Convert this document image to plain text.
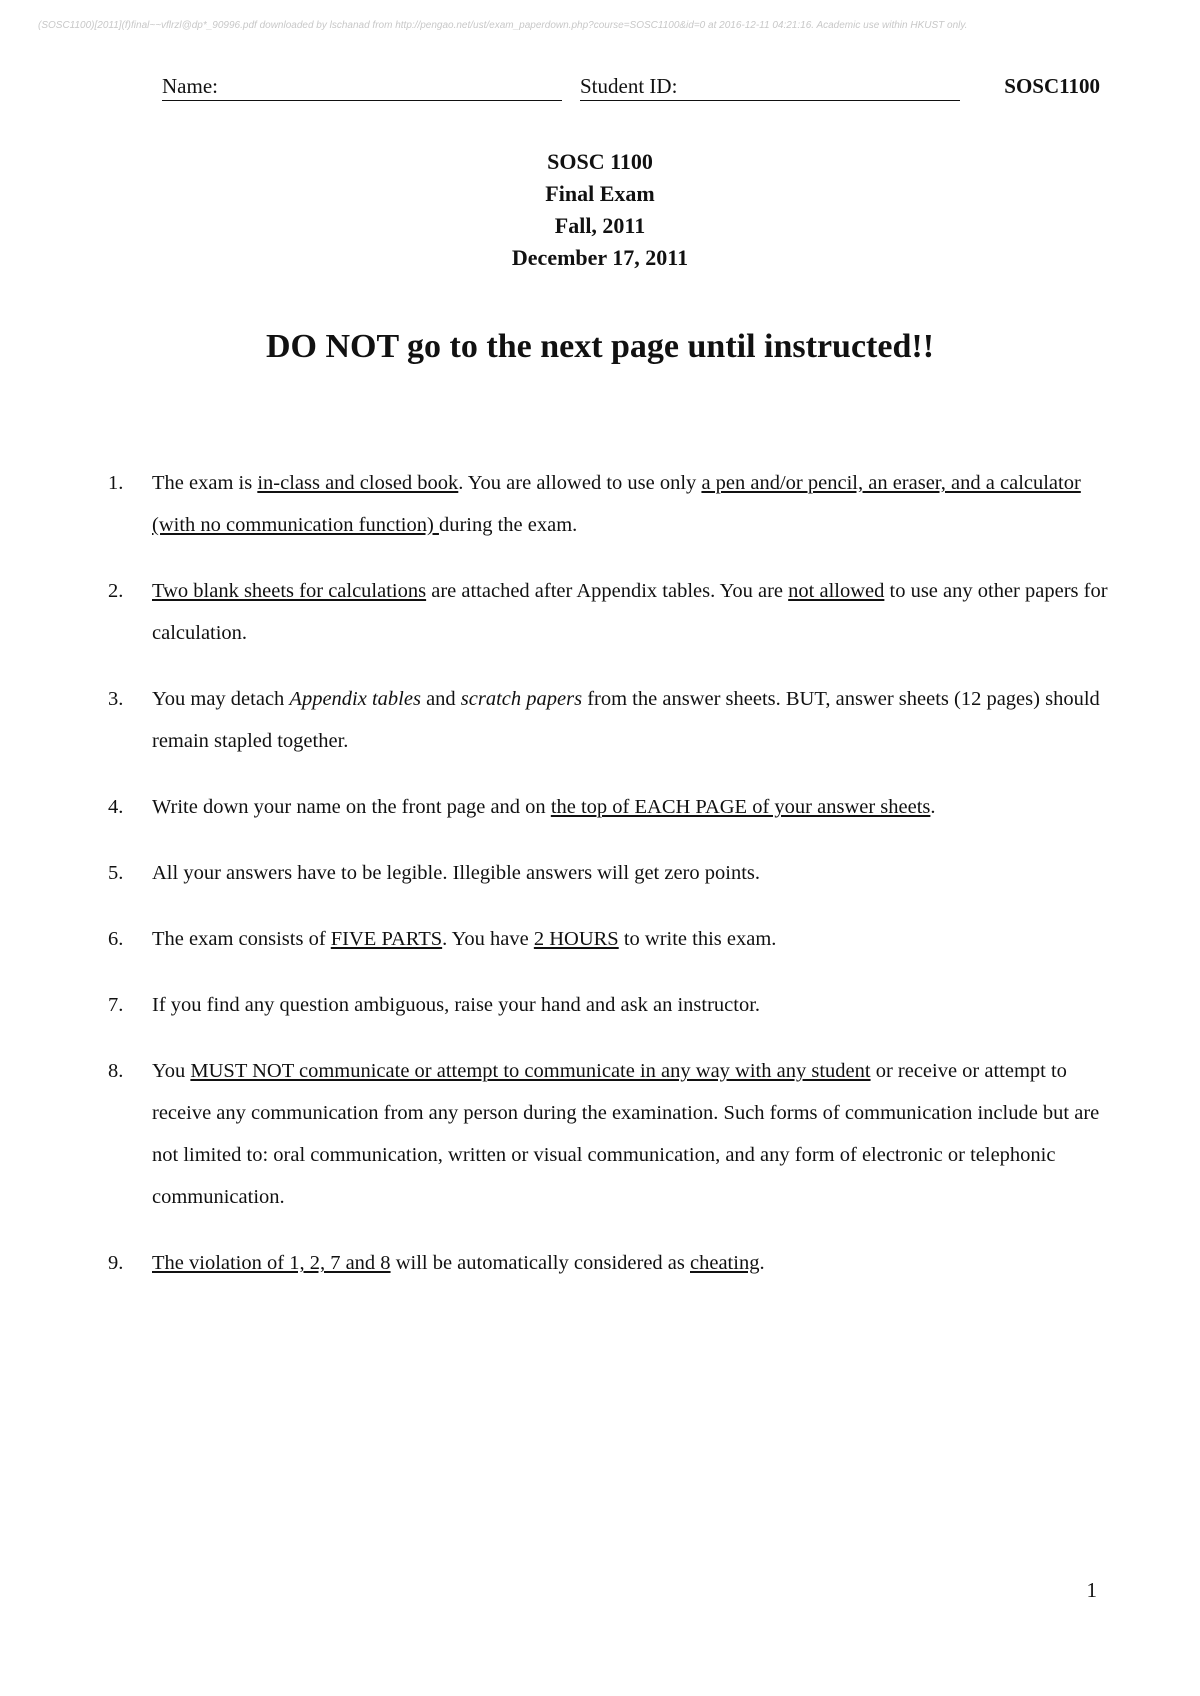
(SOSC1100)[2011](f)final~~vflrzl@dp*_90996.pdf downloaded by lschanad from http://pengao.net/ust/exam_paperdown.php?course=SOSC1100&id=0 at 2016-12-11 04:21:16. Academic use within HKUST only.
Name:	Student ID:	SOSC1100
SOSC 1100
Final Exam
Fall, 2011
December 17, 2011
DO NOT go to the next page until instructed!!
1. The exam is in-class and closed book. You are allowed to use only a pen and/or pencil, an eraser, and a calculator (with no communication function) during the exam.
2. Two blank sheets for calculations are attached after Appendix tables. You are not allowed to use any other papers for calculation.
3. You may detach Appendix tables and scratch papers from the answer sheets. BUT, answer sheets (12 pages) should remain stapled together.
4. Write down your name on the front page and on the top of EACH PAGE of your answer sheets.
5. All your answers have to be legible. Illegible answers will get zero points.
6. The exam consists of FIVE PARTS. You have 2 HOURS to write this exam.
7. If you find any question ambiguous, raise your hand and ask an instructor.
8. You MUST NOT communicate or attempt to communicate in any way with any student or receive or attempt to receive any communication from any person during the examination. Such forms of communication include but are not limited to: oral communication, written or visual communication, and any form of electronic or telephonic communication.
9. The violation of 1, 2, 7 and 8 will be automatically considered as cheating.
1
